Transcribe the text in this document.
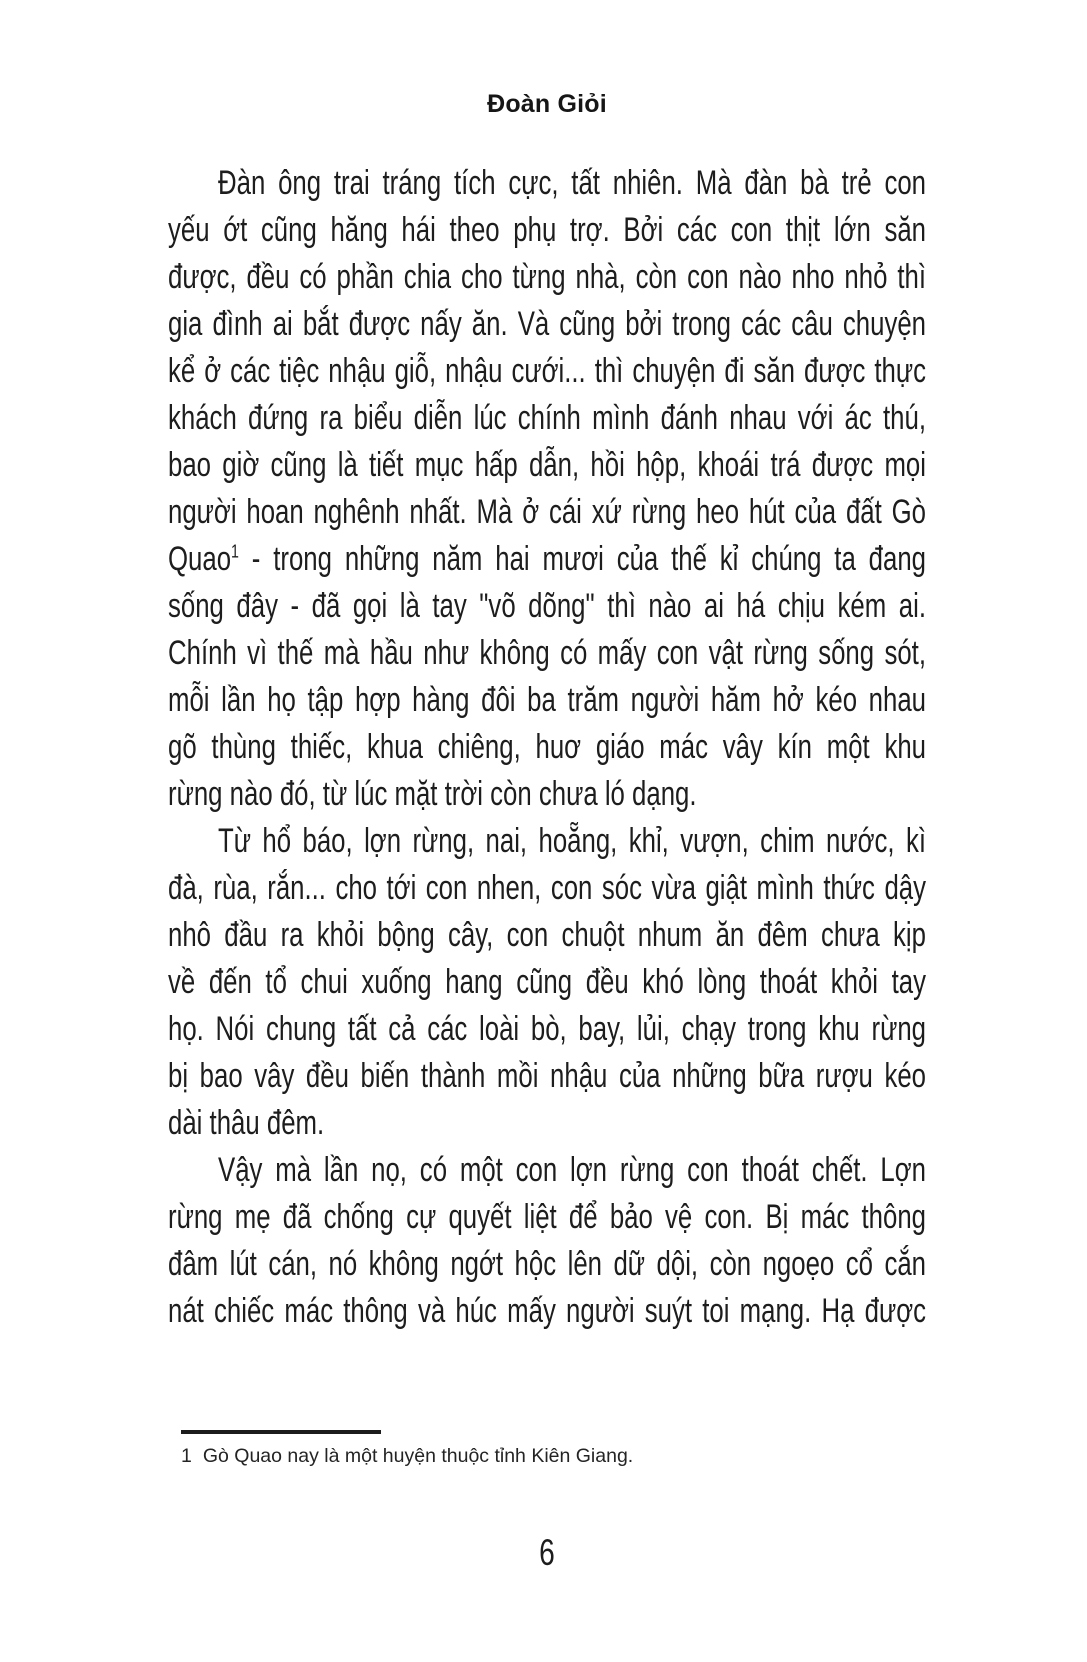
Đoàn Giỏi
Đàn ông trai tráng tích cực, tất nhiên. Mà đàn bà trẻ con
yếu ớt cũng hăng hái theo phụ trợ. Bởi các con thịt lớn săn
được, đều có phần chia cho từng nhà, còn con nào nho nhỏ thì
gia đình ai bắt được nấy ăn. Và cũng bởi trong các câu chuyện
kể ở các tiệc nhậu giỗ, nhậu cưới... thì chuyện đi săn được thực
khách đứng ra biểu diễn lúc chính mình đánh nhau với ác thú,
bao giờ cũng là tiết mục hấp dẫn, hồi hộp, khoái trá được mọi
người hoan nghênh nhất. Mà ở cái xứ rừng heo hút của đất Gò
Quao$^1$ - trong những năm hai mươi của thế kỉ chúng ta đang
sống đây - đã gọi là tay "võ dõng" thì nào ai há chịu kém ai.
Chính vì thế mà hầu như không có mấy con vật rừng sống sót,
mỗi lần họ tập hợp hàng đôi ba trăm người hăm hở kéo nhau
gõ thùng thiếc, khua chiêng, huơ giáo mác vây kín một khu
rừng nào đó, từ lúc mặt trời còn chưa ló dạng.
Từ hổ báo, lợn rừng, nai, hoẵng, khỉ, vượn, chim nước, kì
đà, rùa, rắn... cho tới con nhen, con sóc vừa giật mình thức dậy
nhô đầu ra khỏi bộng cây, con chuột nhum ăn đêm chưa kịp
về đến tổ chui xuống hang cũng đều khó lòng thoát khỏi tay
họ. Nói chung tất cả các loài bò, bay, lủi, chạy trong khu rừng
bị bao vây đều biến thành mồi nhậu của những bữa rượu kéo
dài thâu đêm.
Vậy mà lần nọ, có một con lợn rừng con thoát chết. Lợn
rừng mẹ đã chống cự quyết liệt để bảo vệ con. Bị mác thông
đâm lút cán, nó không ngớt hộc lên dữ dội, còn ngoẹo cổ cắn
nát chiếc mác thông và húc mấy người suýt toi mạng. Hạ được
1 Gò Quao nay là một huyện thuộc tỉnh Kiên Giang.
6
